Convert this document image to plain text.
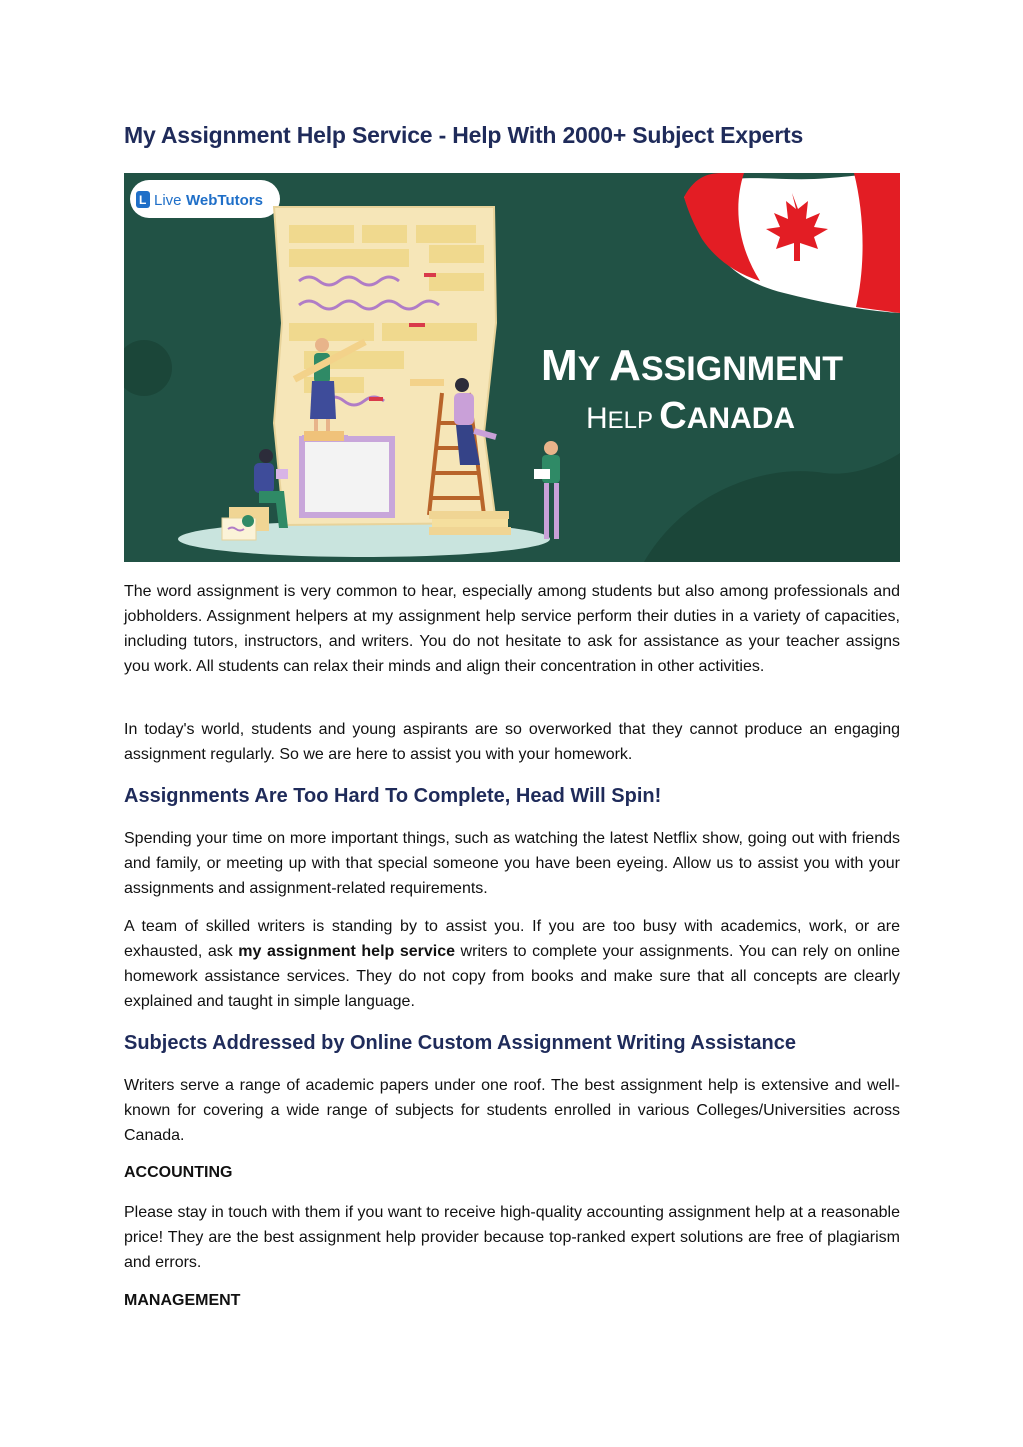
My Assignment Help Service - Help With 2000+ Subject Experts
L Live WebTutors
MY ASSIGNMENT
HELP CANADA

The word assignment is very common to hear, especially among students but also among professionals and jobholders. Assignment helpers at my assignment help service perform their duties in a variety of capacities, including tutors, instructors, and writers. You do not hesitate to ask for assistance as your teacher assigns you work. All students can relax their minds and align their concentration in other activities.

In today's world, students and young aspirants are so overworked that they cannot produce an engaging assignment regularly. So we are here to assist you with your homework.

Assignments Are Too Hard To Complete, Head Will Spin!

Spending your time on more important things, such as watching the latest Netflix show, going out with friends and family, or meeting up with that special someone you have been eyeing. Allow us to assist you with your assignments and assignment-related requirements.

A team of skilled writers is standing by to assist you. If you are too busy with academics, work, or are exhausted, ask my assignment help service writers to complete your assignments. You can rely on online homework assistance services. They do not copy from books and make sure that all concepts are clearly explained and taught in simple language.

Subjects Addressed by Online Custom Assignment Writing Assistance

Writers serve a range of academic papers under one roof. The best assignment help is extensive and well-known for covering a wide range of subjects for students enrolled in various Colleges/Universities across Canada.

ACCOUNTING

Please stay in touch with them if you want to receive high-quality accounting assignment help at a reasonable price! They are the best assignment help provider because top-ranked expert solutions are free of plagiarism and errors.

MANAGEMENT
